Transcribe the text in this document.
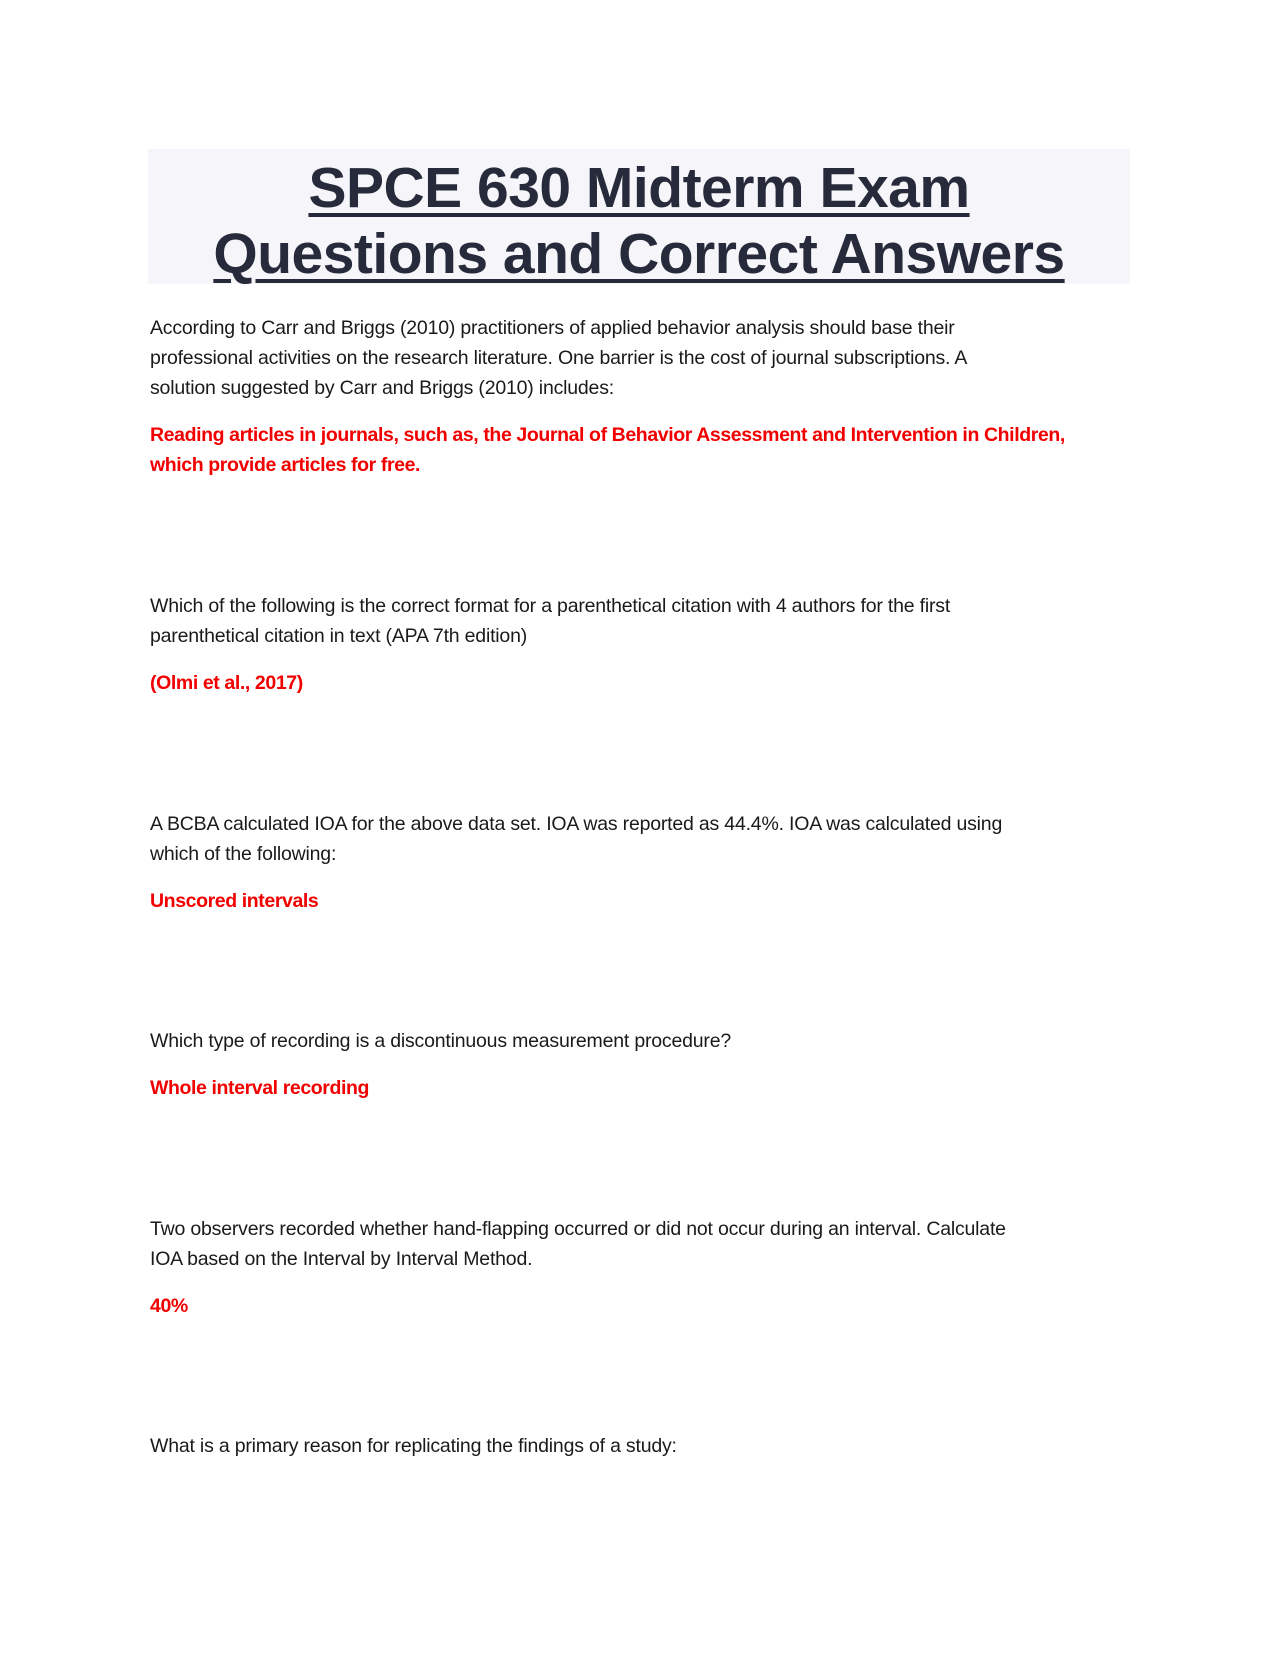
SPCE 630 Midterm Exam
Questions and Correct Answers
According to Carr and Briggs (2010) practitioners of applied behavior analysis should base their
professional activities on the research literature. One barrier is the cost of journal subscriptions. A
solution suggested by Carr and Briggs (2010) includes:
Reading articles in journals, such as, the Journal of Behavior Assessment and Intervention in Children,
which provide articles for free.
Which of the following is the correct format for a parenthetical citation with 4 authors for the first
parenthetical citation in text (APA 7th edition)
(Olmi et al., 2017)
A BCBA calculated IOA for the above data set. IOA was reported as 44.4%. IOA was calculated using
which of the following:
Unscored intervals
Which type of recording is a discontinuous measurement procedure?
Whole interval recording
Two observers recorded whether hand-flapping occurred or did not occur during an interval. Calculate
IOA based on the Interval by Interval Method.
40%
What is a primary reason for replicating the findings of a study:
